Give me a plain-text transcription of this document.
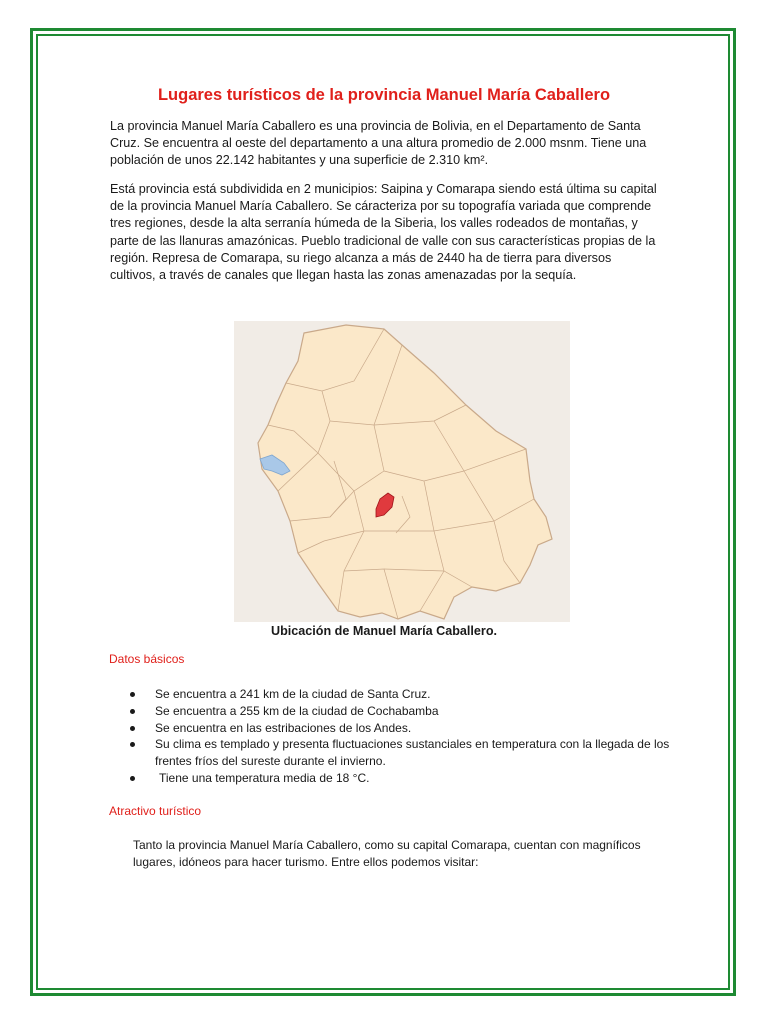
Lugares turísticos de la provincia Manuel María Caballero
La provincia Manuel María Caballero es una provincia de Bolivia, en el Departamento de Santa Cruz. Se encuentra al oeste del departamento a una altura promedio de 2.000 msnm. Tiene una población de unos 22.142 habitantes y una superficie de 2.310 km².
Está provincia está subdividida en 2 municipios: Saipina y Comarapa siendo está última su capital de la provincia Manuel María Caballero. Se cáracteriza por su topografía variada que comprende tres regiones, desde la alta serranía húmeda de la Siberia, los valles rodeados de montañas, y parte de las llanuras amazónicas. Pueblo tradicional de valle con sus características propias de la región. Represa de Comarapa, su riego alcanza a más de 2440 ha de tierra para diversos cultivos, a través de canales que llegan hasta las zonas amenazadas por la sequía.
Ubicación de Manuel María Caballero.
Datos básicos
Se encuentra a 241 km de la ciudad de Santa Cruz.
Se encuentra a 255 km de la ciudad de Cochabamba
Se encuentra en las estribaciones de los Andes.
Su clima es templado y presenta fluctuaciones sustanciales en temperatura con la llegada de los frentes fríos del sureste durante el invierno.
Tiene una temperatura media de 18 °C.
Atractivo turístico
Tanto la provincia Manuel María Caballero, como su capital Comarapa, cuentan con magníficos lugares, idóneos para hacer turismo. Entre ellos podemos visitar:
